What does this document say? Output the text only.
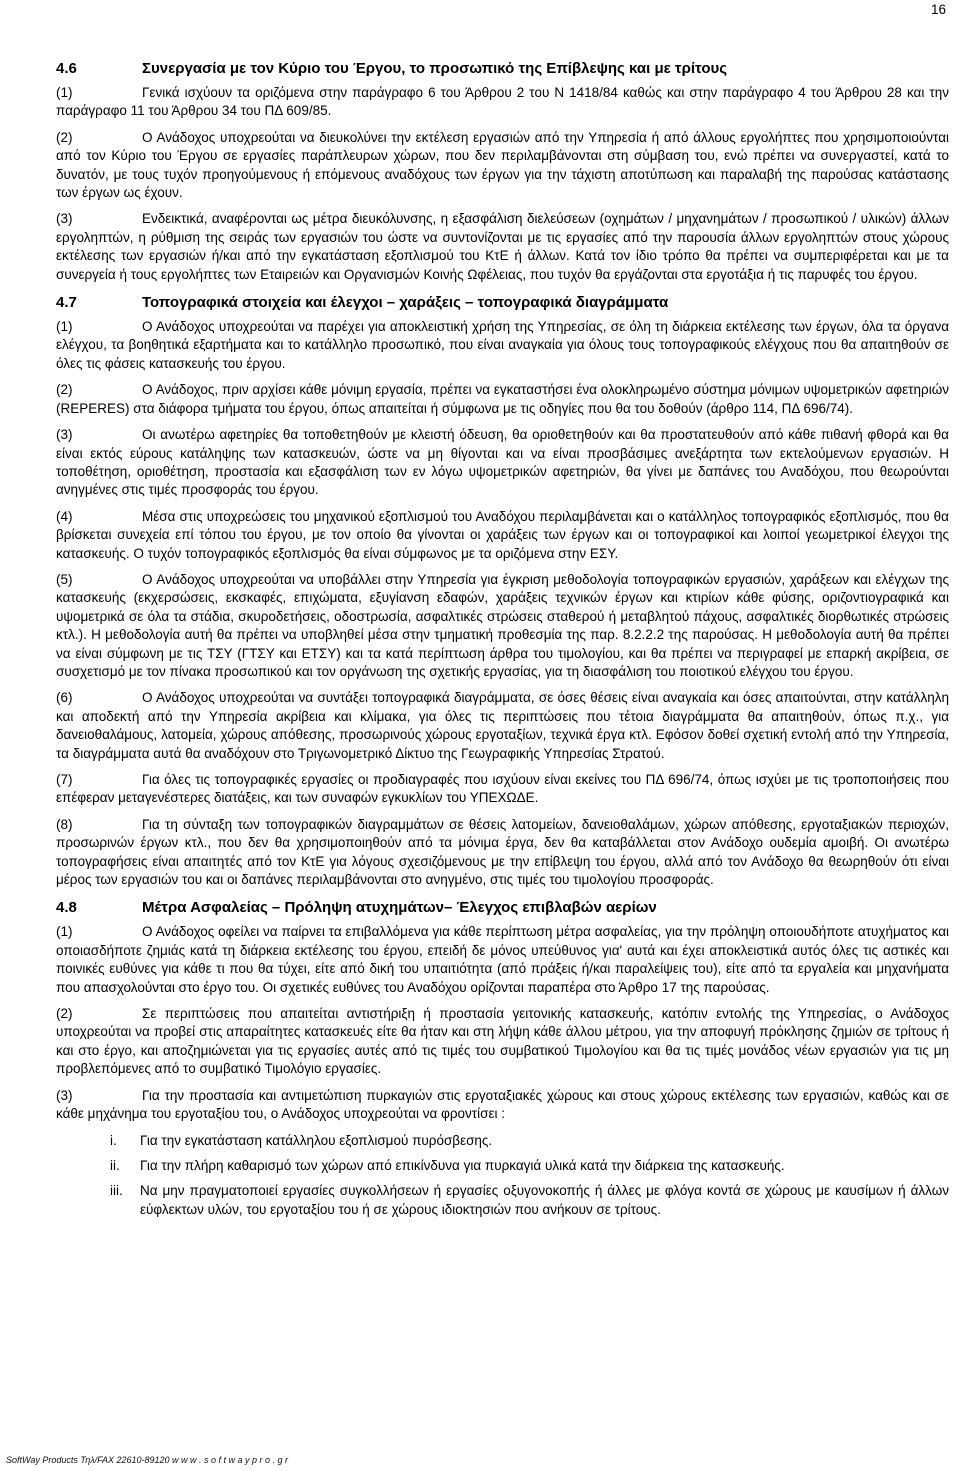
16
4.6	Συνεργασία με τον Κύριο του Έργου, το προσωπικό της Επίβλεψης και με τρίτους

(1)	Γενικά ισχύουν τα οριζόμενα στην παράγραφο 6 του Άρθρου 2 του Ν 1418/84 καθώς και στην παράγραφο 4 του Άρθρου 28 και την παράγραφο 11 του Άρθρου 34 του ΠΔ 609/85.

(2)	Ο Ανάδοχος υποχρεούται να διευκολύνει την εκτέλεση εργασιών από την Υπηρεσία ή από άλλους εργολήπτες που χρησιμοποιούνται από τον Κύριο του Έργου σε εργασίες παράπλευρων χώρων, που δεν περιλαμβάνονται στη σύμβαση του, ενώ πρέπει να συνεργαστεί, κατά το δυνατόν, με τους τυχόν προηγούμενους ή επόμενους αναδόχους των έργων για την τάχιστη αποτύπωση και παραλαβή της παρούσας κατάστασης των έργων ως έχουν.

(3)	Ενδεικτικά, αναφέρονται ως μέτρα διευκόλυνσης, η εξασφάλιση διελεύσεων (οχημάτων / μηχανημάτων / προσωπικού / υλικών) άλλων εργοληπτών, η ρύθμιση της σειράς των εργασιών του ώστε να συντονίζονται με τις εργασίες από την παρουσία άλλων εργοληπτών στους χώρους εκτέλεσης των εργασιών ή/και από την εγκατάσταση εξοπλισμού του ΚτΕ ή άλλων. Κατά τον ίδιο τρόπο θα πρέπει να συμπεριφέρεται και με τα συνεργεία ή τους εργολήπτες των Εταιρειών και Οργανισμών Κοινής Ωφέλειας, που τυχόν θα εργάζονται στα εργοτάξια ή τις παρυφές του έργου.

4.7	Τοπογραφικά στοιχεία και έλεγχοι – χαράξεις – τοπογραφικά διαγράμματα

(1)	Ο Ανάδοχος υποχρεούται να παρέχει για αποκλειστική χρήση της Υπηρεσίας, σε όλη τη διάρκεια εκτέλεσης των έργων, όλα τα όργανα ελέγχου, τα βοηθητικά εξαρτήματα και το κατάλληλο προσωπικό, που είναι αναγκαία για όλους τους τοπογραφικούς ελέγχους που θα απαιτηθούν σε όλες τις φάσεις κατασκευής του έργου.

(2)	Ο Ανάδοχος, πριν αρχίσει κάθε μόνιμη εργασία, πρέπει να εγκαταστήσει ένα ολοκληρωμένο σύστημα μόνιμων υψομετρικών αφετηριών (REPERES) στα διάφορα τμήματα του έργου, όπως απαιτείται ή σύμφωνα με τις οδηγίες που θα του δοθούν (άρθρο 114, ΠΔ 696/74).

(3)	Οι ανωτέρω αφετηρίες θα τοποθετηθούν με κλειστή όδευση, θα οριοθετηθούν και θα προστατευθούν από κάθε πιθανή φθορά και θα είναι εκτός εύρους κατάληψης των κατασκευών, ώστε να μη θίγονται και να είναι προσβάσιμες ανεξάρτητα των εκτελούμενων εργασιών. Η τοποθέτηση, οριοθέτηση, προστασία και εξασφάλιση των εν λόγω υψομετρικών αφετηριών, θα γίνει με δαπάνες του Αναδόχου, που θεωρούνται ανηγμένες στις τιμές προσφοράς του έργου.

(4)	Μέσα στις υποχρεώσεις του μηχανικού εξοπλισμού του Αναδόχου περιλαμβάνεται και ο κατάλληλος τοπογραφικός εξοπλισμός, που θα βρίσκεται συνεχεία επί τόπου του έργου, με τον οποίο θα γίνονται οι χαράξεις των έργων και οι τοπογραφικοί και λοιποί γεωμετρικοί έλεγχοι της κατασκευής. Ο τυχόν τοπογραφικός εξοπλισμός θα είναι σύμφωνος με τα οριζόμενα στην ΕΣΥ.

(5)	Ο Ανάδοχος υποχρεούται να υποβάλλει στην Υπηρεσία για έγκριση μεθοδολογία τοπογραφικών εργασιών, χαράξεων και ελέγχων της κατασκευής (εκχερσώσεις, εκσκαφές, επιχώματα, εξυγίανση εδαφών, χαράξεις τεχνικών έργων και κτιρίων κάθε φύσης, οριζοντιογραφικά και υψομετρικά σε όλα τα στάδια, σκυροδετήσεις, οδοστρωσία, ασφαλτικές στρώσεις σταθερού ή μεταβλητού πάχους, ασφαλτικές διορθωτικές στρώσεις κτλ.). Η μεθοδολογία αυτή θα πρέπει να υποβληθεί μέσα στην τμηματική προθεσμία της παρ. 8.2.2.2 της παρούσας. Η μεθοδολογία αυτή θα πρέπει να είναι σύμφωνη με τις ΤΣΥ (ΓΤΣΥ και ΕΤΣΥ) και τα κατά περίπτωση άρθρα του τιμολογίου, και θα πρέπει να περιγραφεί με επαρκή ακρίβεια, σε συσχετισμό με τον πίνακα προσωπικού και τον οργάνωση της σχετικής εργασίας, για τη διασφάλιση του ποιοτικού ελέγχου του έργου.

(6)	Ο Ανάδοχος υποχρεούται να συντάξει τοπογραφικά διαγράμματα, σε όσες θέσεις είναι αναγκαία και όσες απαιτούνται, στην κατάλληλη και αποδεκτή από την Υπηρεσία ακρίβεια και κλίμακα, για όλες τις περιπτώσεις που τέτοια διαγράμματα θα απαιτηθούν, όπως π.χ., για δανειοθαλάμους, λατομεία, χώρους απόθεσης, προσωρινούς χώρους εργοταξίων, τεχνικά έργα κτλ. Εφόσον δοθεί σχετική εντολή από την Υπηρεσία, τα διαγράμματα αυτά θα αναδόχουν στο Τριγωνομετρικό Δίκτυο της Γεωγραφικής Υπηρεσίας Στρατού.

(7)	Για όλες τις τοπογραφικές εργασίες οι προδιαγραφές που ισχύουν είναι εκείνες του ΠΔ 696/74, όπως ισχύει με τις τροποποιήσεις που επέφεραν μεταγενέστερες διατάξεις, και των συναφών εγκυκλίων του ΥΠΕΧΩΔΕ.

(8)	Για τη σύνταξη των τοπογραφικών διαγραμμάτων σε θέσεις λατομείων, δανειοθαλάμων, χώρων απόθεσης, εργοταξιακών περιοχών, προσωρινών έργων κτλ., που δεν θα χρησιμοποιηθούν από τα μόνιμα έργα, δεν θα καταβάλλεται στον Ανάδοχο ουδεμία αμοιβή. Οι ανωτέρω τοπογραφήσεις είναι απαιτητές από τον ΚτΕ για λόγους σχεσιζόμενους με την επίβλεψη του έργου, αλλά από τον Ανάδοχο θα θεωρηθούν ότι είναι μέρος των εργασιών του και οι δαπάνες περιλαμβάνονται στο ανηγμένο, στις τιμές του τιμολογίου προσφοράς.

4.8	Μέτρα Ασφαλείας – Πρόληψη ατυχημάτων– Έλεγχος επιβλαβών αερίων

(1)	Ο Ανάδοχος οφείλει να παίρνει τα επιβαλλόμενα για κάθε περίπτωση μέτρα ασφαλείας, για την πρόληψη οποιουδήποτε ατυχήματος και οποιασδήποτε ζημιάς κατά τη διάρκεια εκτέλεσης του έργου, επειδή δε μόνος υπεύθυνος για' αυτά και έχει αποκλειστικά αυτός όλες τις αστικές και ποινικές ευθύνες για κάθε τι που θα τύχει, είτε από δική του υπαιτιότητα (από πράξεις ή/και παραλείψεις του), είτε από τα εργαλεία και μηχανήματα που απασχολούνται στο έργο του. Οι σχετικές ευθύνες του Αναδόχου ορίζονται παραπέρα στο Άρθρο 17 της παρούσας.

(2)	Σε περιπτώσεις που απαιτείται αντιστήριξη ή προστασία γειτονικής κατασκευής, κατόπιν εντολής της Υπηρεσίας, ο Ανάδοχος υποχρεούται να προβεί στις απαραίτητες κατασκευές είτε θα ήταν και στη λήψη κάθε άλλου μέτρου, για την αποφυγή πρόκλησης ζημιών σε τρίτους ή και στο έργο, και αποζημιώνεται για τις εργασίες αυτές από τις τιμές του συμβατικού Τιμολογίου και θα τις τιμές μονάδος νέων εργασιών για τις μη προβλεπόμενες από το συμβατικό Τιμολόγιο εργασίες.

(3)	Για την προστασία και αντιμετώπιση πυρκαγιών στις εργοταξιακές χώρους και στους χώρους εκτέλεσης των εργασιών, καθώς και σε κάθε μηχάνημα του εργοταξίου του, ο Ανάδοχος υποχρεούται να φροντίσει :

i.	Για την εγκατάσταση κατάλληλου εξοπλισμού πυρόσβεσης.
ii.	Για την πλήρη καθαρισμό των χώρων από επικίνδυνα για πυρκαγιά υλικά κατά την διάρκεια της κατασκευής.
iii.	Να μην πραγματοποιεί εργασίες συγκολλήσεων ή εργασίες οξυγονοκοπής ή άλλες με φλόγα κοντά σε χώρους με καυσίμων ή άλλων εύφλεκτων υλών, του εργοταξίου του ή σε χώρους ιδιοκτησιών που ανήκουν σε τρίτους.
SoftWay Products Τηλ/FAX 22610-89120 w w w . s o f t w a y p r o . g r
